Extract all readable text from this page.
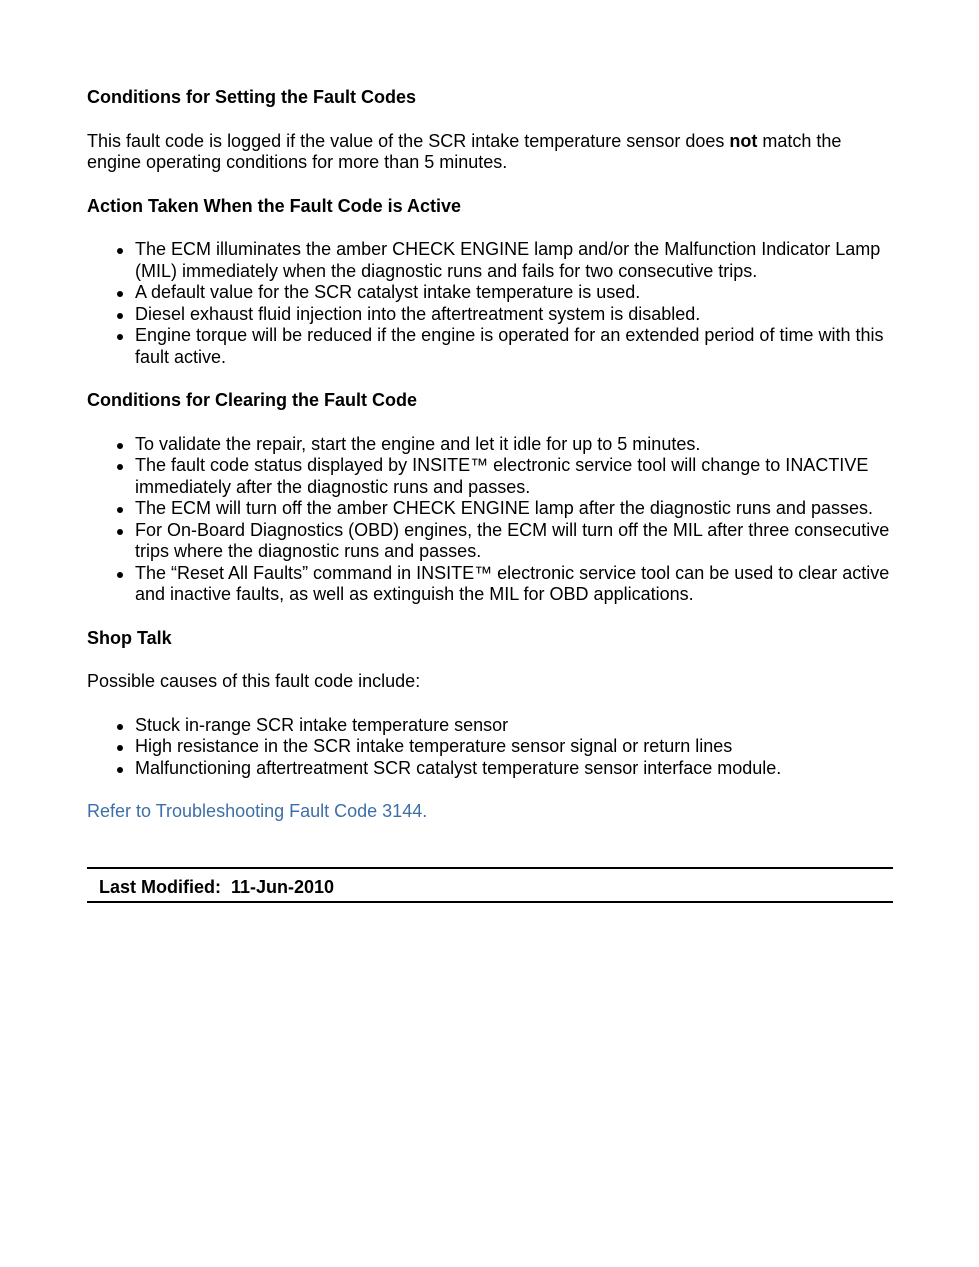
Conditions for Setting the Fault Codes

This fault code is logged if the value of the SCR intake temperature sensor does not match the engine operating conditions for more than 5 minutes.

Action Taken When the Fault Code is Active

The ECM illuminates the amber CHECK ENGINE lamp and/or the Malfunction Indicator Lamp (MIL) immediately when the diagnostic runs and fails for two consecutive trips.
A default value for the SCR catalyst intake temperature is used.
Diesel exhaust fluid injection into the aftertreatment system is disabled.
Engine torque will be reduced if the engine is operated for an extended period of time with this fault active.

Conditions for Clearing the Fault Code

To validate the repair, start the engine and let it idle for up to 5 minutes.
The fault code status displayed by INSITE™ electronic service tool will change to INACTIVE immediately after the diagnostic runs and passes.
The ECM will turn off the amber CHECK ENGINE lamp after the diagnostic runs and passes.
For On-Board Diagnostics (OBD) engines, the ECM will turn off the MIL after three consecutive trips where the diagnostic runs and passes.
The “Reset All Faults” command in INSITE™ electronic service tool can be used to clear active and inactive faults, as well as extinguish the MIL for OBD applications.

Shop Talk

Possible causes of this fault code include:

Stuck in-range SCR intake temperature sensor
High resistance in the SCR intake temperature sensor signal or return lines
Malfunctioning aftertreatment SCR catalyst temperature sensor interface module.

Refer to Troubleshooting Fault Code 3144.

Last Modified:  11-Jun-2010
